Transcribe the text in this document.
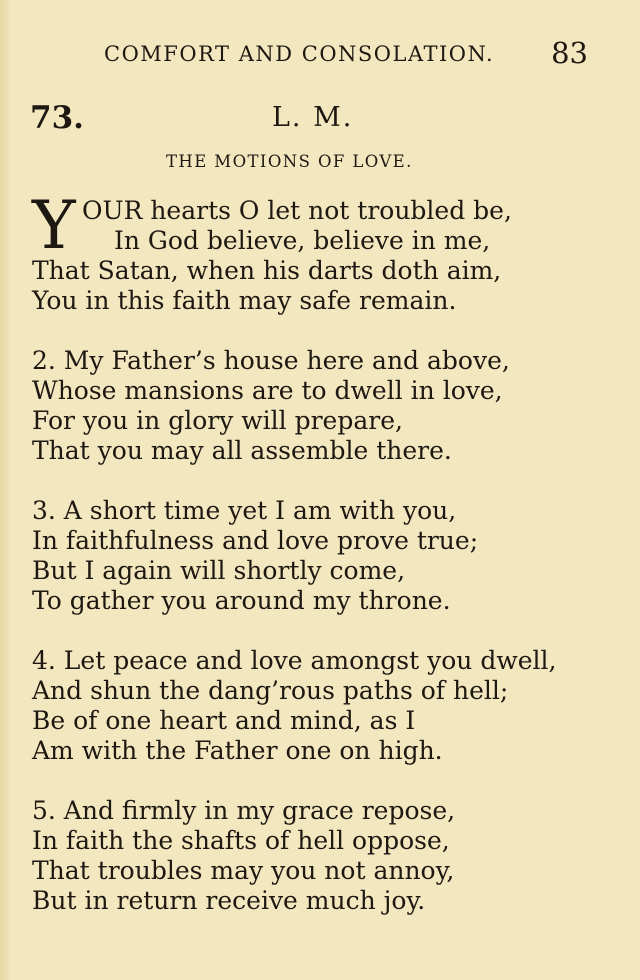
COMFORT AND CONSOLATION. 83
73.	L. M.
THE MOTIONS OF LOVE.
Y OUR hearts O let not troubled be,
In God believe, believe in me,
That Satan, when his darts doth aim,
You in this faith may safe remain.
2. My Father’s house here and above,
Whose mansions are to dwell in love,
For you in glory will prepare,
That you may all assemble there.
3. A short time yet I am with you,
In faithfulness and love prove true;
But I again will shortly come,
To gather you around my throne.
4. Let peace and love amongst you dwell,
And shun the dang’rous paths of hell;
Be of one heart and mind, as I
Am with the Father one on high.
5. And firmly in my grace repose,
In faith the shafts of hell oppose,
That troubles may you not annoy,
But in return receive much joy.
